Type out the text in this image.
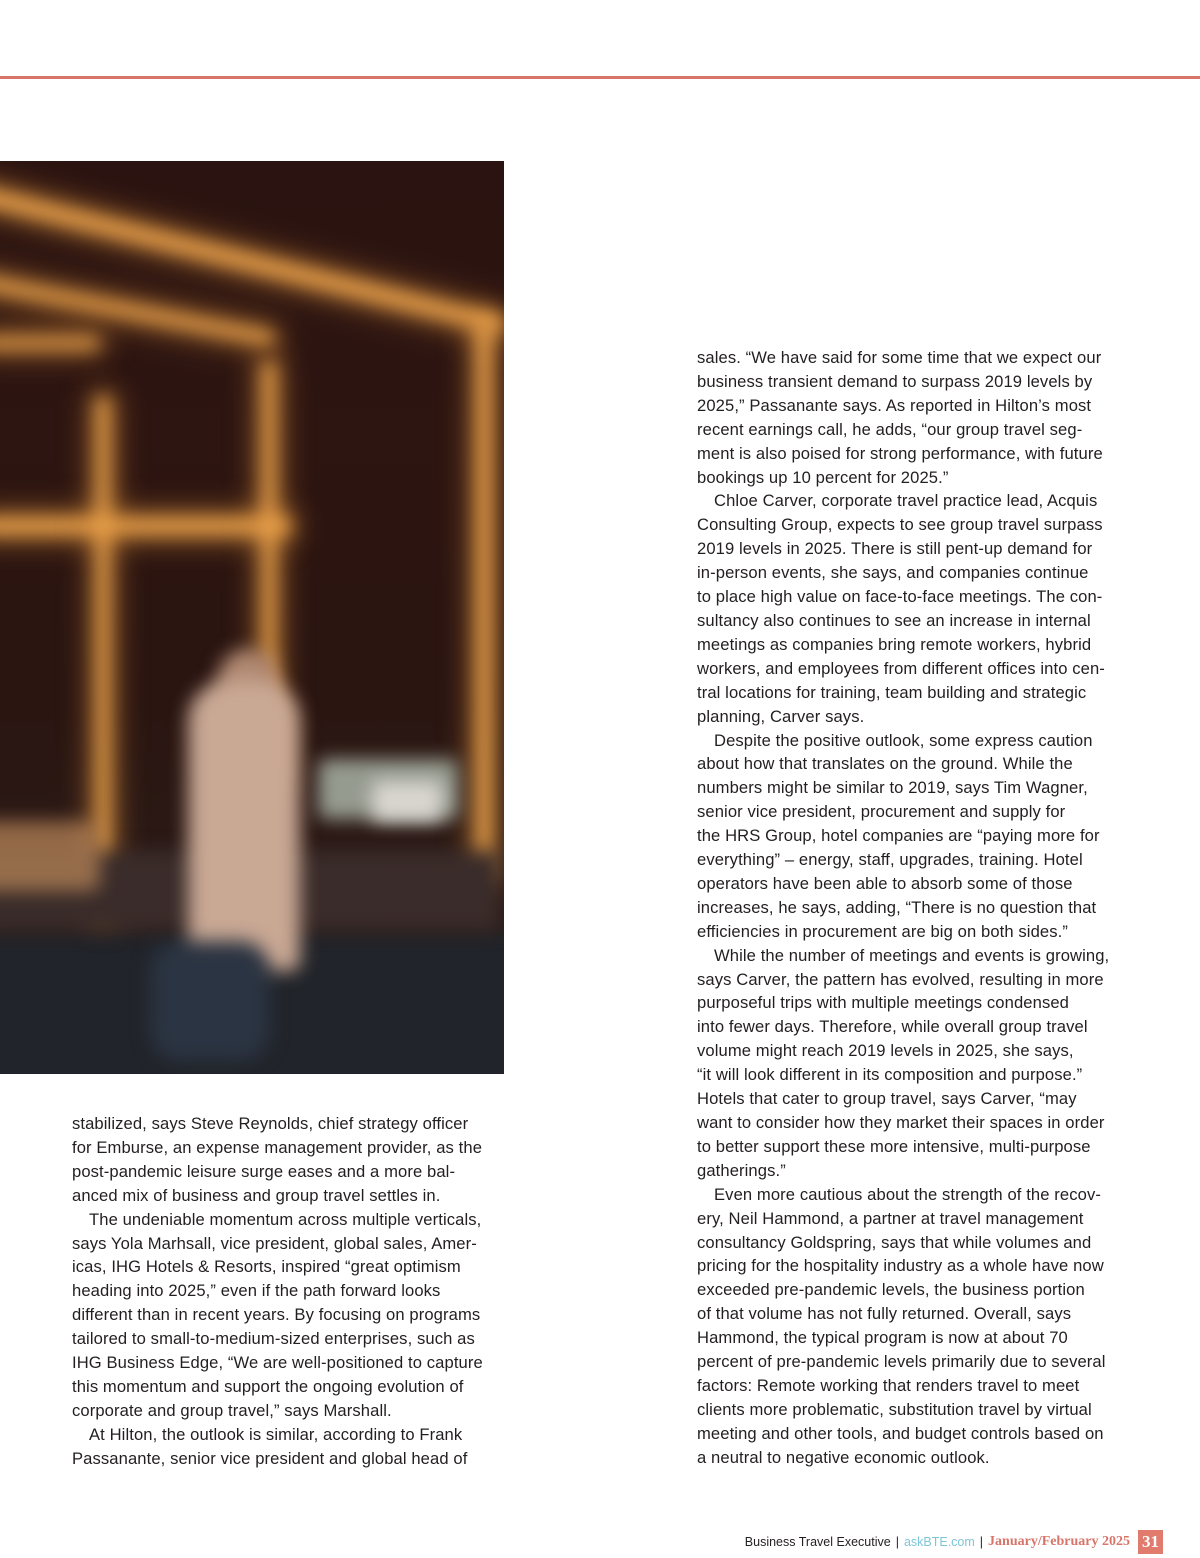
stabilized, says Steve Reynolds, chief strategy officer

for Emburse, an expense management provider, as the

post-pandemic leisure surge eases and a more bal-

anced mix of business and group travel settles in.

The undeniable momentum across multiple verticals,

says Yola Marhsall, vice president, global sales, Amer-

icas, IHG Hotels & Resorts, inspired “great optimism

heading into 2025,” even if the path forward looks

different than in recent years. By focusing on programs

tailored to small-to-medium-sized enterprises, such as

IHG Business Edge, “We are well-positioned to capture

this momentum and support the ongoing evolution of

corporate and group travel,” says Marshall.

At Hilton, the outlook is similar, according to Frank

Passanante, senior vice president and global head of

sales. “We have said for some time that we expect our

business transient demand to surpass 2019 levels by

2025,” Passanante says. As reported in Hilton’s most

recent earnings call, he adds, “our group travel seg-

ment is also poised for strong performance, with future

bookings up 10 percent for 2025.”

Chloe Carver, corporate travel practice lead, Acquis

Consulting Group, expects to see group travel surpass

2019 levels in 2025. There is still pent-up demand for

in-person events, she says, and companies continue

to place high value on face-to-face meetings. The con-

sultancy also continues to see an increase in internal

meetings as companies bring remote workers, hybrid

workers, and employees from different offices into cen-

tral locations for training, team building and strategic

planning, Carver says.

Despite the positive outlook, some express caution

about how that translates on the ground. While the

numbers might be similar to 2019, says Tim Wagner,

senior vice president, procurement and supply for

the HRS Group, hotel companies are “paying more for

everything” – energy, staff, upgrades, training. Hotel

operators have been able to absorb some of those

increases, he says, adding, “There is no question that

efficiencies in procurement are big on both sides.”

While the number of meetings and events is growing,

says Carver, the pattern has evolved, resulting in more

purposeful trips with multiple meetings condensed

into fewer days. Therefore, while overall group travel

volume might reach 2019 levels in 2025, she says,

“it will look different in its composition and purpose.”

Hotels that cater to group travel, says Carver, “may

want to consider how they market their spaces in order

to better support these more intensive, multi-purpose

gatherings.”

Even more cautious about the strength of the recov-

ery, Neil Hammond, a partner at travel management

consultancy Goldspring, says that while volumes and

pricing for the hospitality industry as a whole have now

exceeded pre-pandemic levels, the business portion

of that volume has not fully returned. Overall, says

Hammond, the typical program is now at about 70

percent of pre-pandemic levels primarily due to several

factors: Remote working that renders travel to meet

clients more problematic, substitution travel by virtual

meeting and other tools, and budget controls based on

a neutral to negative economic outlook.

Business Travel Executive | askBTE.com | January/February 2025 31
